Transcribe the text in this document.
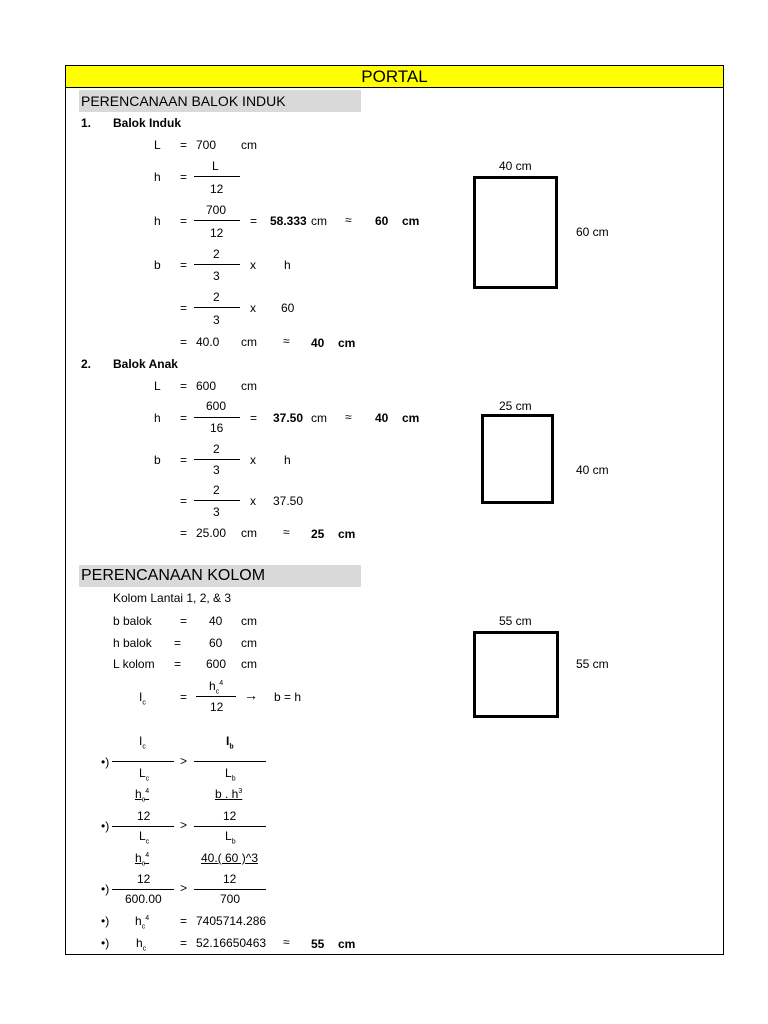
PORTAL
PERENCANAAN BALOK INDUK
1. Balok Induk
L = 700 cm
h =
L
12
h =
700
12
= 58.333 cm ≈ 60 cm
b =
2
3
x h
=
2
3
x 60
= 40.0 cm ≈ 40 cm
40 cm
60 cm
2. Balok Anak
L = 600 cm
h =
600
16
= 37.50 cm ≈ 40 cm
b =
2
3
x h
=
2
3
x 37.50
= 25.00 cm ≈ 25 cm
25 cm
40 cm
PERENCANAAN KOLOM
Kolom Lantai 1, 2, & 3
b balok = 40 cm
h balok = 60 cm
L kolom = 600 cm
$I_c$	=
$h_c^4$
12
→ b = h
$I_c$
•)
$L_c$
>
$I_b$
$L_b$
$h_c^4$
12
•)
$L_c$
>
b . $h^3$
12
$L_b$
$h_c^4$
12
•)
600.00
>
40.( 60 )^3
12
700
•) $h_c^4$	= 7405714.286
•) $h_c$	= 52.16650463 ≈ 55 cm
55 cm
55 cm
